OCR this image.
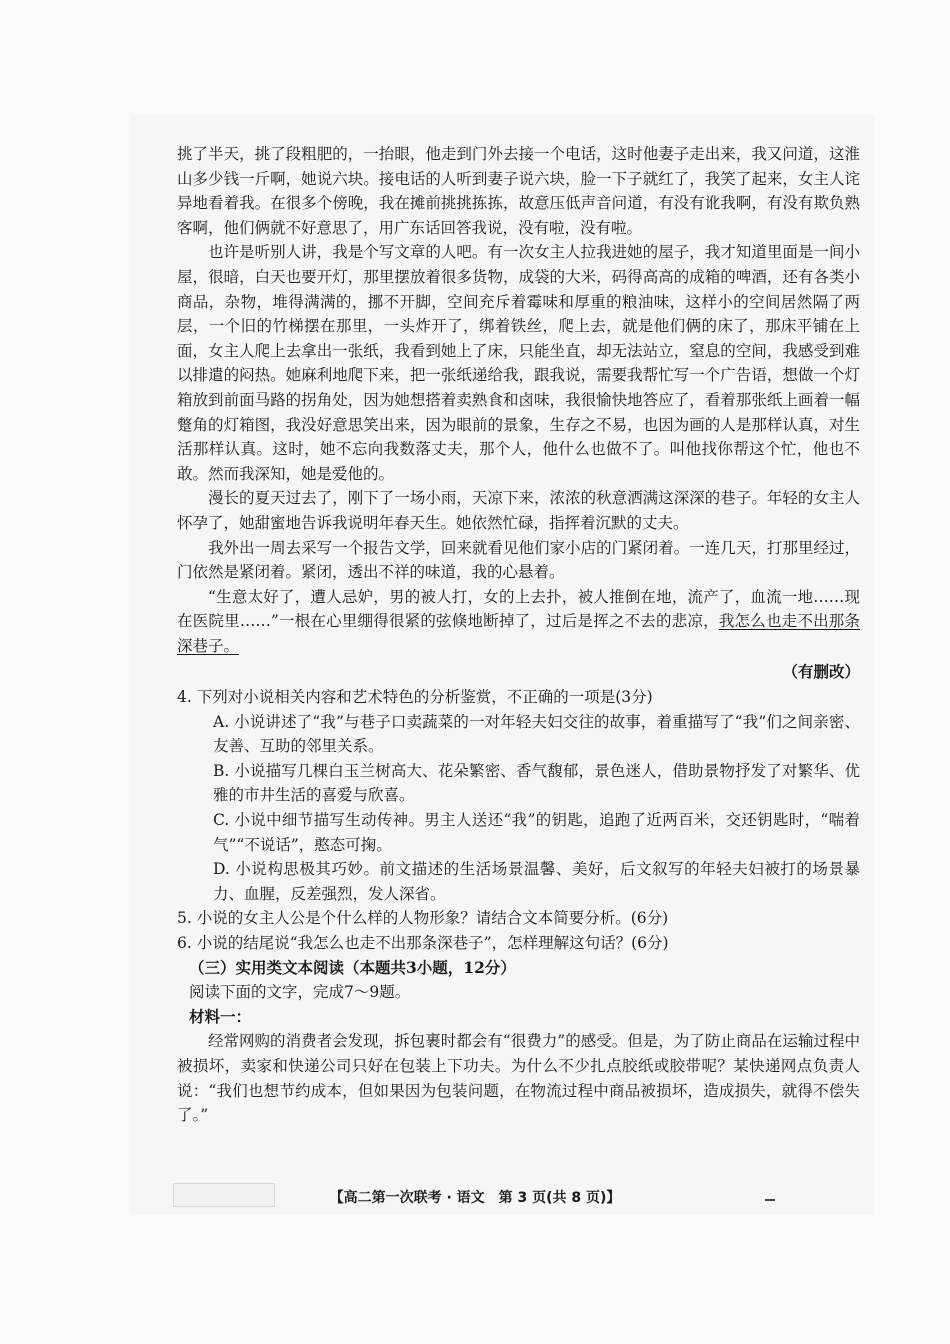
挑了半天，挑了段粗肥的，一抬眼，他走到门外去接一个电话，这时他妻子走出来，我又问道，这淮山多少钱一斤啊，她说六块。接电话的人听到妻子说六块，脸一下子就红了，我笑了起来，女主人诧异地看着我。在很多个傍晚，我在摊前挑挑拣拣，故意压低声音问道，有没有讹我啊，有没有欺负熟客啊，他们俩就不好意思了，用广东话回答我说，没有啦，没有啦。

也许是听别人讲，我是个写文章的人吧。有一次女主人拉我进她的屋子，我才知道里面是一间小屋，很暗，白天也要开灯，那里摆放着很多货物，成袋的大米，码得高高的成箱的啤酒，还有各类小商品，杂物，堆得满满的，挪不开脚，空间充斥着霉味和厚重的粮油味，这样小的空间居然隔了两层，一个旧的竹梯摆在那里，一头炸开了，绑着铁丝，爬上去，就是他们俩的床了，那床平铺在上面，女主人爬上去拿出一张纸，我看到她上了床，只能坐直，却无法站立，窒息的空间，我感受到难以排遣的闷热。她麻利地爬下来，把一张纸递给我，跟我说，需要我帮忙写一个广告语，想做一个灯箱放到前面马路的拐角处，因为她想搭着卖熟食和卤味，我很愉快地答应了，看着那张纸上画着一幅蹩角的灯箱图，我没好意思笑出来，因为眼前的景象，生存之不易，也因为画的人是那样认真，对生活那样认真。这时，她不忘向我数落丈夫，那个人，他什么也做不了。叫他找你帮这个忙，他也不敢。然而我深知，她是爱他的。

漫长的夏天过去了，刚下了一场小雨，天凉下来，浓浓的秋意洒满这深深的巷子。年轻的女主人怀孕了，她甜蜜地告诉我说明年春天生。她依然忙碌，指挥着沉默的丈夫。

我外出一周去采写一个报告文学，回来就看见他们家小店的门紧闭着。一连几天，打那里经过，门依然是紧闭着。紧闭，透出不祥的味道，我的心悬着。

“生意太好了，遭人忌妒，男的被人打，女的上去扑，被人推倒在地，流产了，血流一地……现在医院里……”一根在心里绷得很紧的弦倏地断掉了，过后是挥之不去的悲凉，我怎么也走不出那条深巷子。

（有删改）

4. 下列对小说相关内容和艺术特色的分析鉴赏，不正确的一项是(3分)

A. 小说讲述了“我”与巷子口卖蔬菜的一对年轻夫妇交往的故事，着重描写了“我”们之间亲密、友善、互助的邻里关系。

B. 小说描写几棵白玉兰树高大、花朵繁密、香气馥郁，景色迷人，借助景物抒发了对繁华、优雅的市井生活的喜爱与欣喜。

C. 小说中细节描写生动传神。男主人送还“我”的钥匙，追跑了近两百米，交还钥匙时，“喘着气”“不说话”，憨态可掬。

D. 小说构思极其巧妙。前文描述的生活场景温馨、美好，后文叙写的年轻夫妇被打的场景暴力、血腥，反差强烈，发人深省。

5. 小说的女主人公是个什么样的人物形象？请结合文本简要分析。(6分)

6. 小说的结尾说“我怎么也走不出那条深巷子”，怎样理解这句话？(6分)

（三）实用类文本阅读（本题共3小题，12分）

阅读下面的文字，完成7～9题。

材料一：

经常网购的消费者会发现，拆包裹时都会有“很费力”的感受。但是，为了防止商品在运输过程中被损坏，卖家和快递公司只好在包装上下功夫。为什么不少扎点胶纸或胶带呢？某快递网点负责人说：“我们也想节约成本，但如果因为包装问题，在物流过程中商品被损坏，造成损失，就得不偿失了。”

【高二第一次联考 · 语文　第 3 页(共 8 页)】
